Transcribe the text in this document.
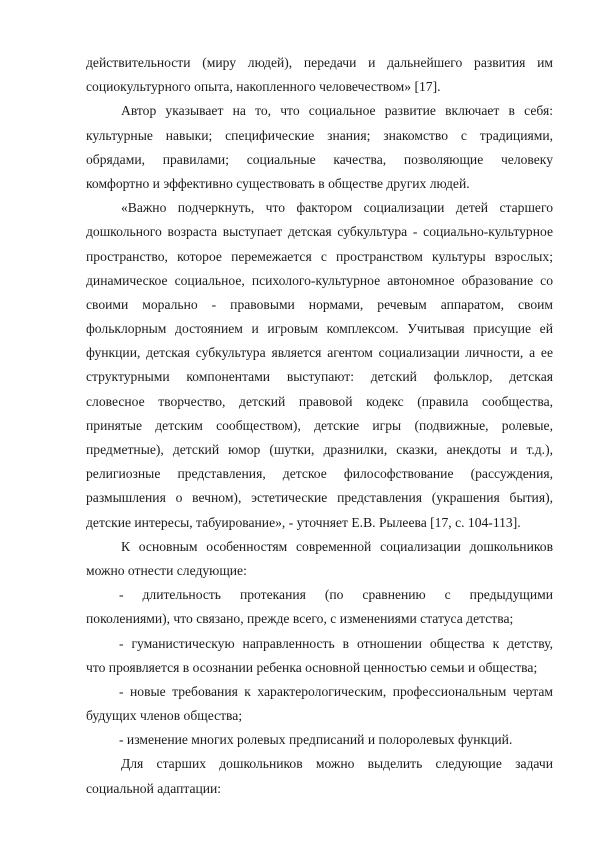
действительности (миру людей), передачи и дальнейшего развития им
социокультурного опыта, накопленного человечеством» [17].
Автор указывает на то, что социальное развитие включает в себя:
культурные навыки; специфические знания; знакомство с традициями,
обрядами, правилами; социальные качества, позволяющие человеку
комфортно и эффективно существовать в обществе других людей.
«Важно подчеркнуть, что фактором социализации детей старшего
дошкольного возраста выступает детская субкультура - социально-культурное
пространство, которое перемежается с пространством культуры взрослых;
динамическое социальное, психолого-культурное автономное образование со
своими морально - правовыми нормами, речевым аппаратом, своим
фольклорным достоянием и игровым комплексом. Учитывая присущие ей
функции, детская субкультура является агентом социализации личности, а ее
структурными компонентами выступают: детский фольклор, детская
словесное творчество, детский правовой кодекс (правила сообщества,
принятые детским сообществом), детские игры (подвижные, ролевые,
предметные), детский юмор (шутки, дразнилки, сказки, анекдоты и т.д.),
религиозные представления, детское философствование (рассуждения,
размышления о вечном), эстетические представления (украшения бытия),
детские интересы, табуирование», - уточняет Е.В. Рылеева [17, с. 104-113].
К основным особенностям современной социализации дошкольников
можно отнести следующие:
- длительность протекания (по сравнению с предыдущими
поколениями), что связано, прежде всего, с изменениями статуса детства;
- гуманистическую направленность в отношении общества к детству,
что проявляется в осознании ребенка основной ценностью семьи и общества;
- новые требования к характерологическим, профессиональным чертам
будущих членов общества;
- изменение многих ролевых предписаний и полоролевых функций.
Для старших дошкольников можно выделить следующие задачи
социальной адаптации:
